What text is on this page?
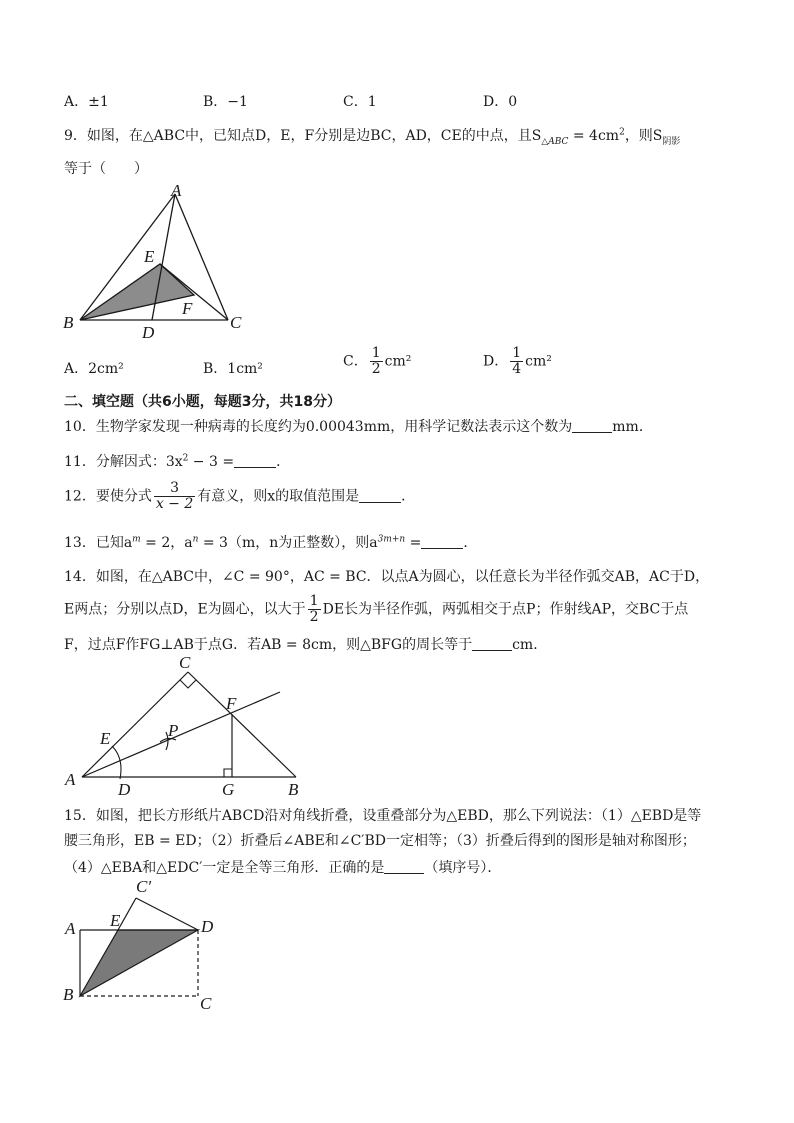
A．±1	B．−1	C．1	D．0
9．如图，在△ABC中，已知点D，E，F分别是边BC，AD，CE的中点，且$S_{\triangle ABC} = 4cm^2$，则$S_{阴影}$
等于（　　）
A
B	C
D
E
F
A．2cm²	B．1cm²	C． $\frac{1}{2} cm^2$	D． $\frac{1}{4} cm^2$
二、填空题（共6小题，每题3分，共18分）
10．生物学家发现一种病毒的长度约为0.00043mm，用科学记数法表示这个数为	mm．
11．分解因式：$3x^2 - 3$ =	．
12．要使分式 $\frac{3}{x - 2}$ 有意义，则x的取值范围是	．
13．已知$a^m = 2$，$a^n = 3(m$，n为正整数），则$a^{3m+n}$ =	．
14．如图，在△ABC中，∠C = 90°，AC = BC．以点A为圆心，以任意长为半径作弧交AB，AC于D，
E两点；分别以点D，E为圆心，以大于 $\frac{1}{2}$ DE长为半径作弧，两弧相交于点P；作射线AP，交BC于点
F，过点F作FG⊥AB于点G．若AB = 8cm，则△BFG的周长等于	cm．
A
B
C
D
E
F
G
P
15．如图，把长方形纸片ABCD沿对角线折叠，设重叠部分为△EBD，那么下列说法：（1）△EBD是等
腰三角形，EB = ED；（2）折叠后∠ABE和∠C′BD一定相等；（3）折叠后得到的图形是轴对称图形；
（4）△EBA和△EDC′一定是全等三角形．正确的是	（填序号）．
A
B	C
C′
D
E
